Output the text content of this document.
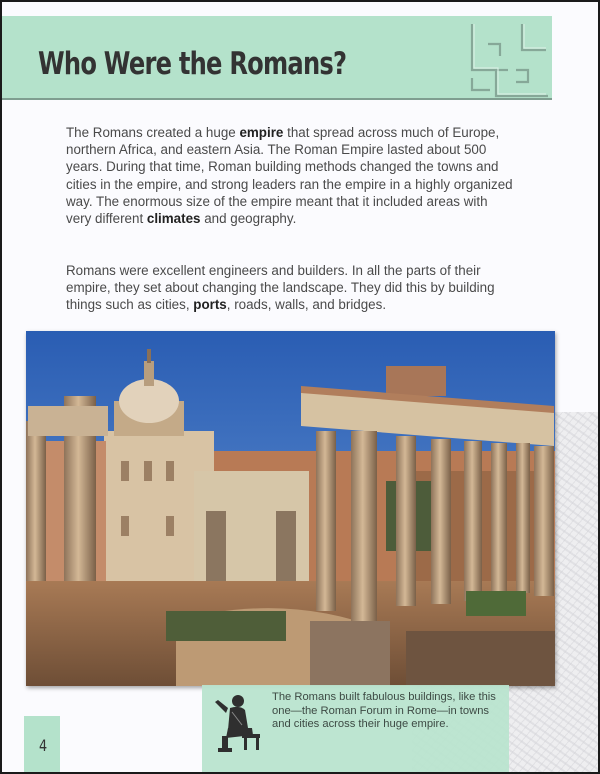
Who Were the Romans?

The Romans created a huge empire that spread across much of Europe, northern Africa, and eastern Asia. The Roman Empire lasted about 500 years. During that time, Roman building methods changed the towns and cities in the empire, and strong leaders ran the empire in a highly organized way. The enormous size of the empire meant that it included areas with very different climates and geography.

Romans were excellent engineers and builders. In all the parts of their empire, they set about changing the landscape. They did this by building things such as cities, ports, roads, walls, and bridges.

The Romans built fabulous buildings, like this one—the Roman Forum in Rome—in towns and cities across their huge empire.

4
